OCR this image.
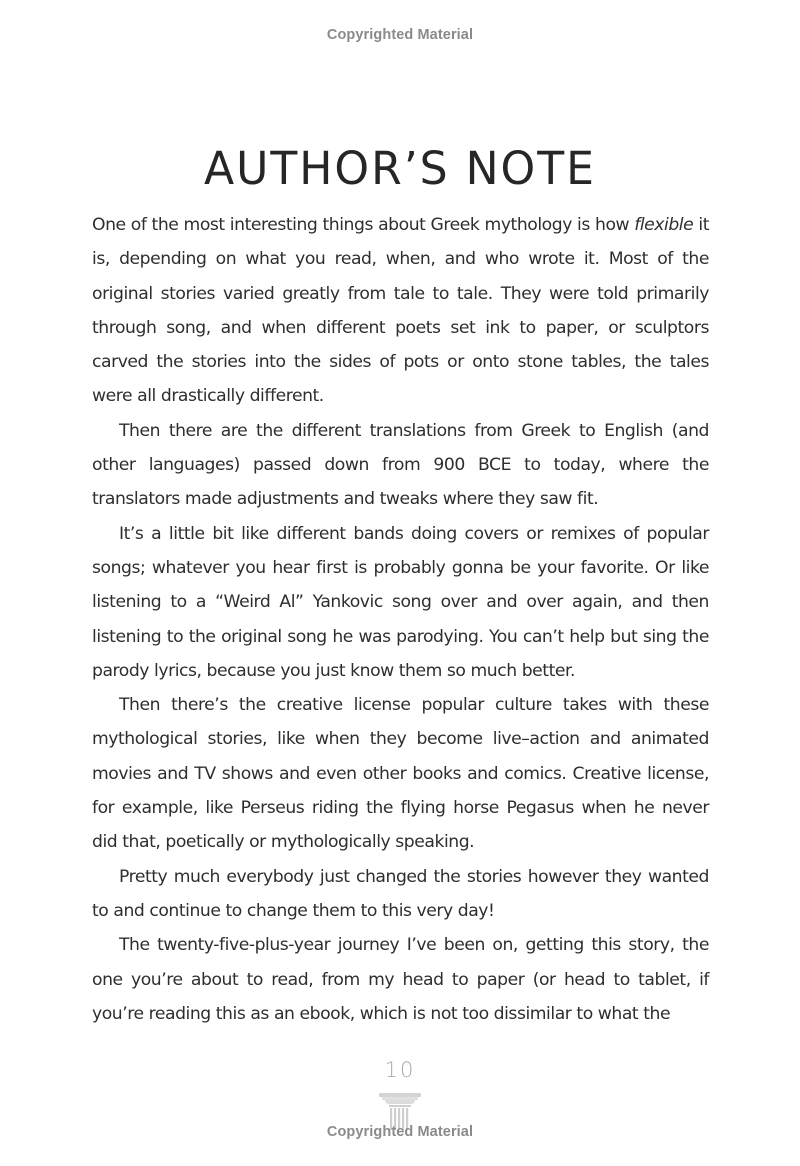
Copyrighted Material
AUTHOR’S NOTE

One of the most interesting things about Greek mythology is how flexible it is, depending on what you read, when, and who wrote it. Most of the original stories varied greatly from tale to tale. They were told primarily through song, and when different poets set ink to paper, or sculptors carved the stories into the sides of pots or onto stone tables, the tales were all drastically different.

Then there are the different translations from Greek to English (and other languages) passed down from 900 BCE to today, where the translators made adjustments and tweaks where they saw fit.

It’s a little bit like different bands doing covers or remixes of popular songs; whatever you hear first is probably gonna be your favorite. Or like listening to a “Weird Al” Yankovic song over and over again, and then listening to the original song he was parodying. You can’t help but sing the parody lyrics, because you just know them so much better.

Then there’s the creative license popular culture takes with these mythological stories, like when they become live–action and animated movies and TV shows and even other books and comics. Creative license, for example, like Perseus riding the flying horse Pegasus when he never did that, poetically or mythologically speaking.

Pretty much everybody just changed the stories however they wanted to and continue to change them to this very day!

The twenty-five-plus-year journey I’ve been on, getting this story, the one you’re about to read, from my head to paper (or head to tablet, if you’re reading this as an ebook, which is not too dissimilar to what the

10
Copyrighted Material
